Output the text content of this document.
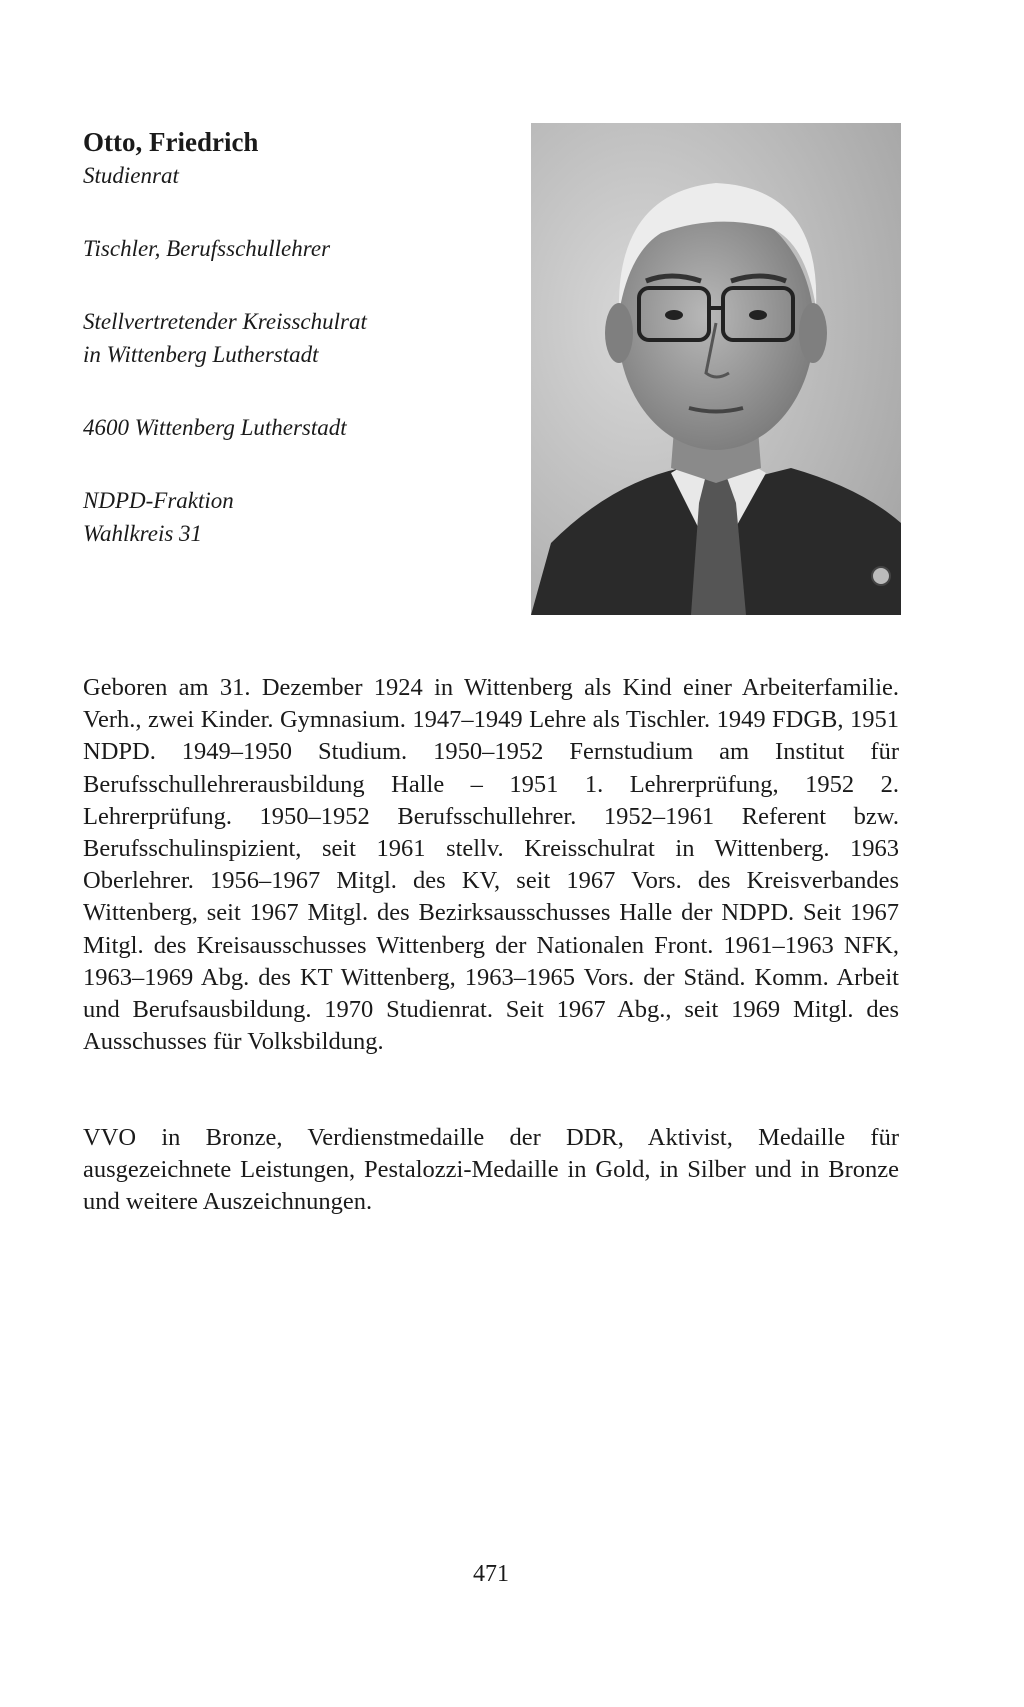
Otto, Friedrich

Studienrat

Tischler, Berufsschullehrer

Stellvertretender Kreisschulrat

in Wittenberg Lutherstadt

4600 Wittenberg Lutherstadt

NDPD-Fraktion

Wahlkreis 31

Geboren am 31. Dezember 1924 in Wittenberg als Kind einer Arbeiterfamilie. Verh., zwei Kinder. Gymnasium. 1947–1949 Lehre als Tischler. 1949 FDGB, 1951 NDPD. 1949–1950 Studium. 1950–1952 Fernstudium am Institut für Berufsschullehrerausbildung Halle – 1951 1. Lehrerprüfung, 1952 2. Lehrerprüfung. 1950–1952 Berufsschullehrer. 1952–1961 Referent bzw. Berufsschulinspizient, seit 1961 stellv. Kreisschulrat in Wittenberg. 1963 Oberlehrer. 1956–1967 Mitgl. des KV, seit 1967 Vors. des Kreisverbandes Wittenberg, seit 1967 Mitgl. des Bezirksausschusses Halle der NDPD. Seit 1967 Mitgl. des Kreisausschusses Wittenberg der Nationalen Front. 1961–1963 NFK, 1963–1969 Abg. des KT Wittenberg, 1963–1965 Vors. der Ständ. Komm. Arbeit und Berufsausbildung. 1970 Studienrat. Seit 1967 Abg., seit 1969 Mitgl. des Ausschusses für Volksbildung.

VVO in Bronze, Verdienstmedaille der DDR, Aktivist, Medaille für ausgezeichnete Leistungen, Pestalozzi-Medaille in Gold, in Silber und in Bronze und weitere Auszeichnungen.

471
